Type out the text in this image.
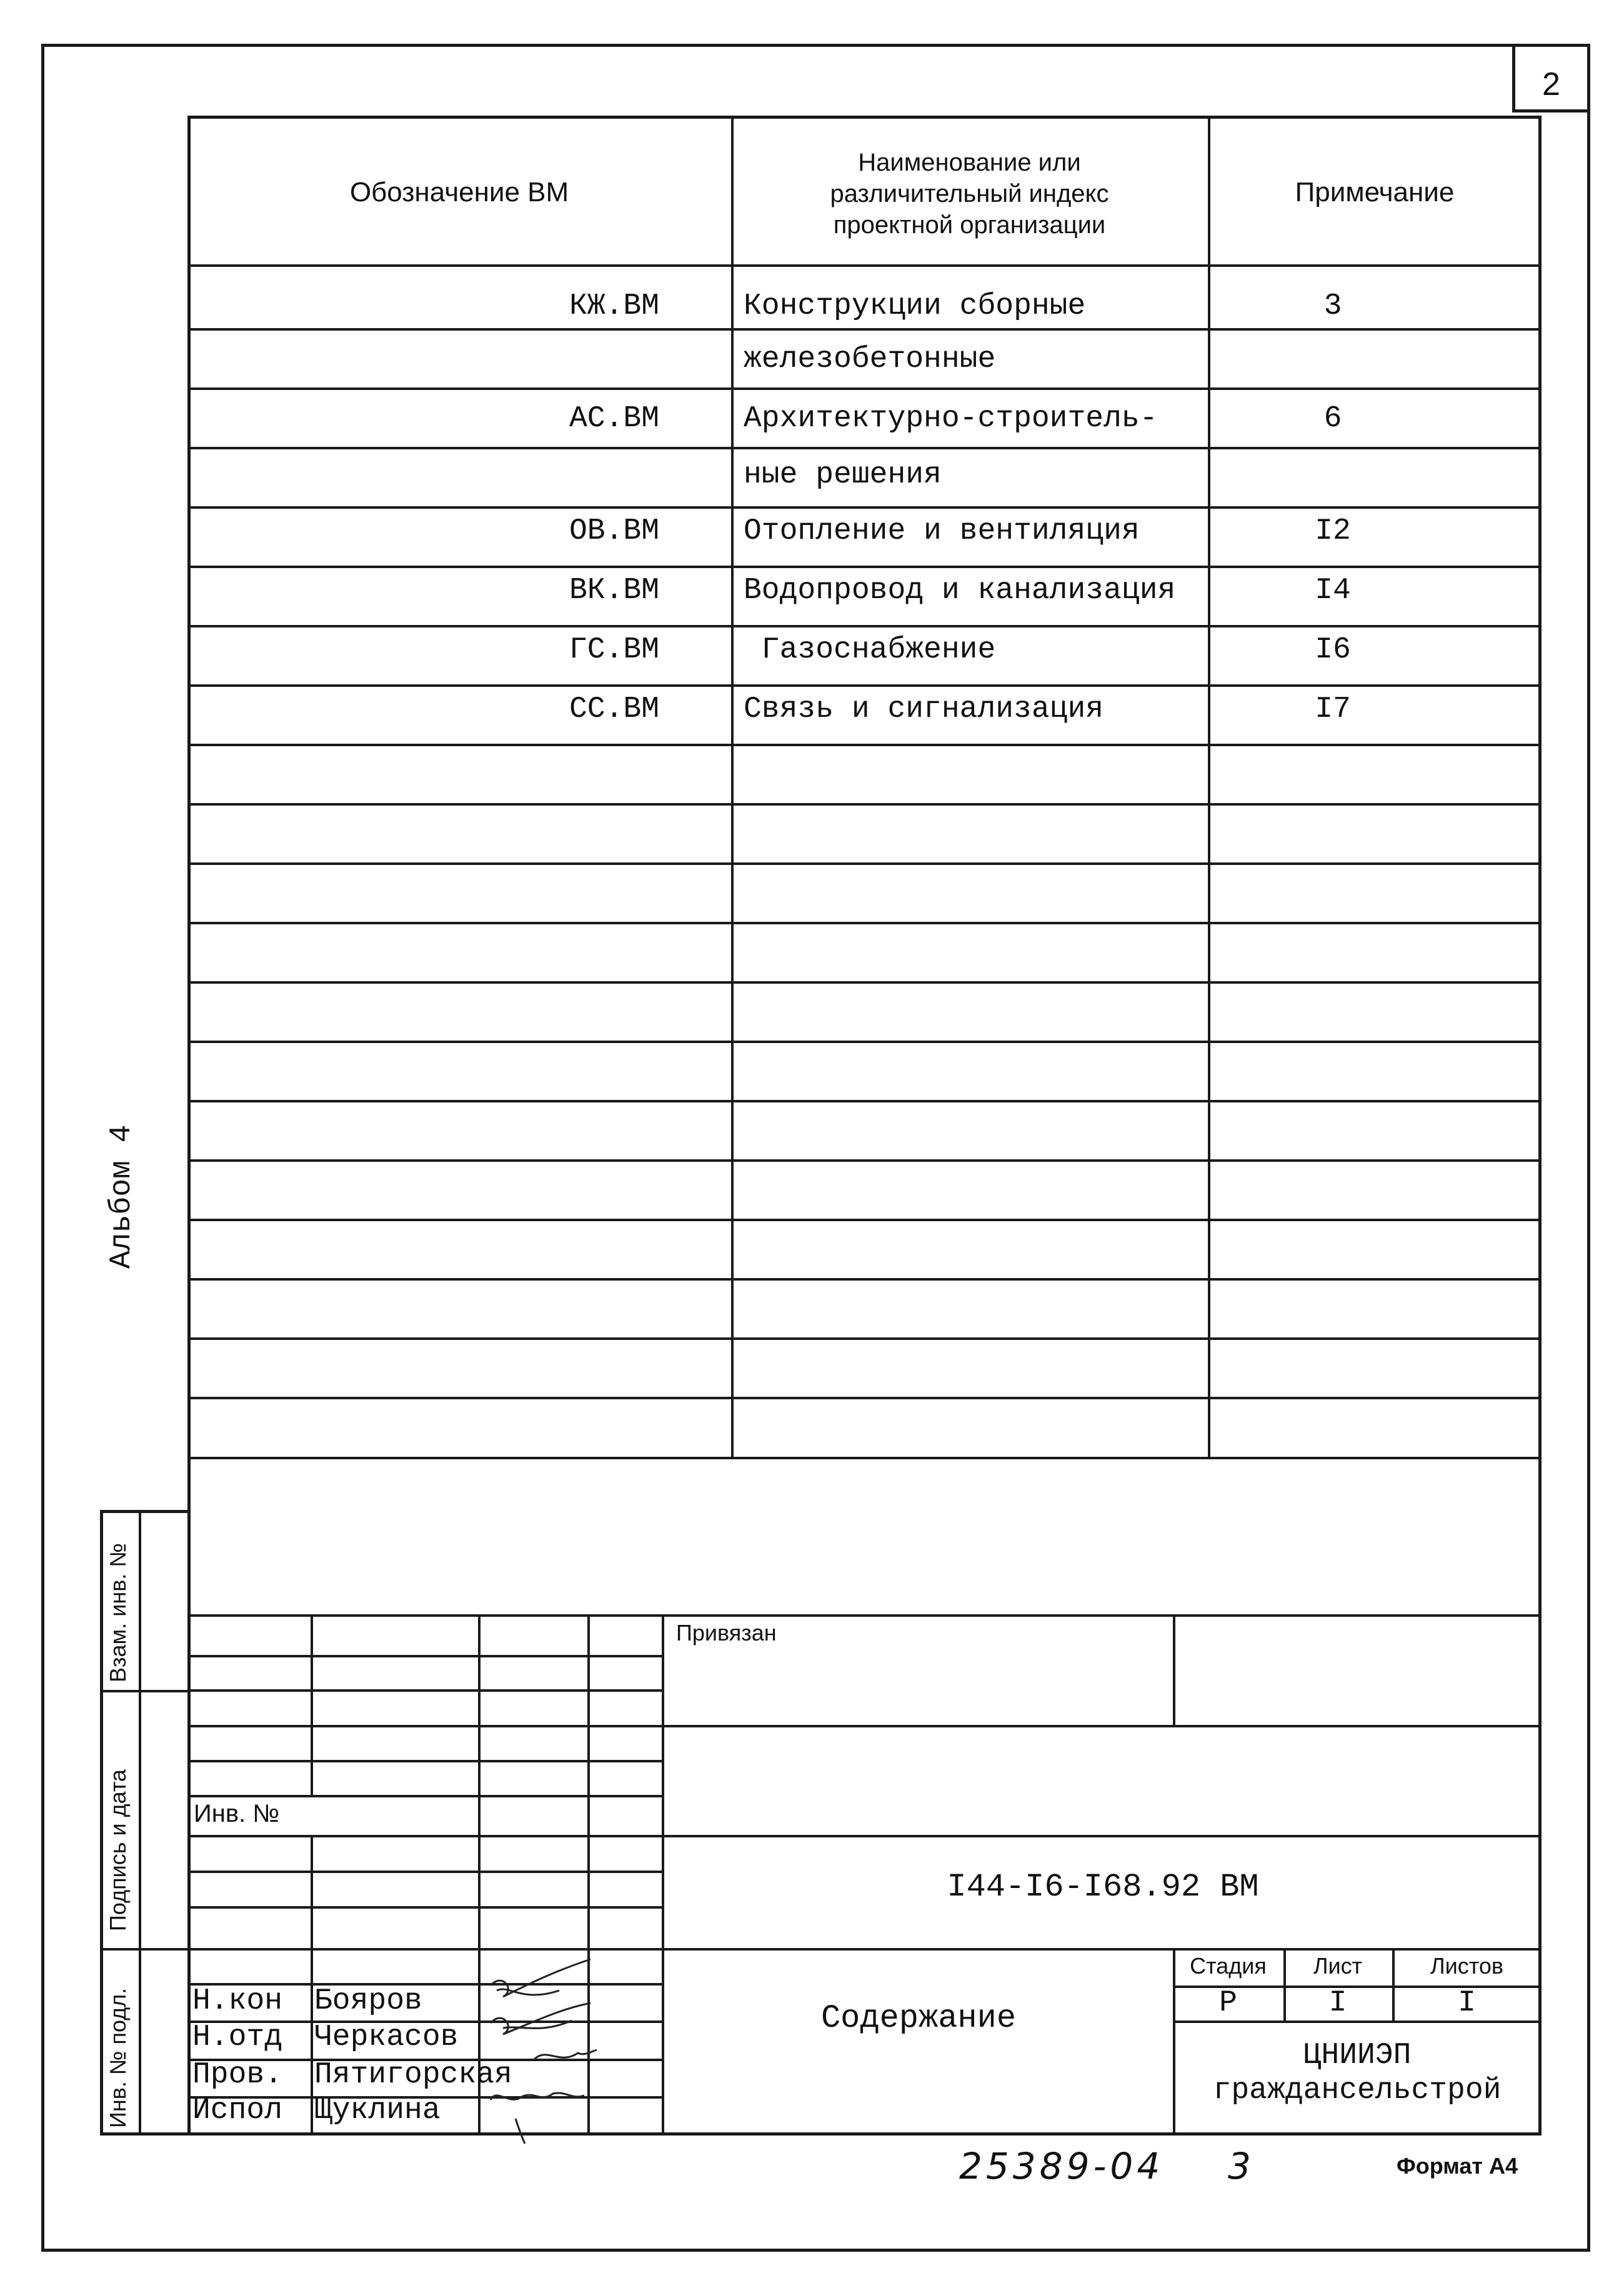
2
Обозначение ВМ
Наименование или
различительный индекс
проектной организации
Примечание
КЖ.ВМ	Конструкции сборные	3
железобетонные
АС.ВМ	Архитектурно-строитель-	6
ные решения
ОВ.ВМ	Отопление и вентиляция	I2
ВК.ВМ	Водопровод и канализация	I4
ГС.ВМ	Газоснабжение	I6
СС.ВМ	Связь и сигнализация	I7
Привязан
Инв. №
I44-I6-I68.92 ВМ
Содержание
Стадия	Лист	Листов
Р	I	I
ЦНИИЭП
граждансельстрой
Н.кон Бояров
Н.отд Черкасов
Пров. Пятигорская
Испол Щуклина
Взам. инв. №
Подпись и дата
Инв. № подл.
Альбом 4
25389-04 3	Формат А4
